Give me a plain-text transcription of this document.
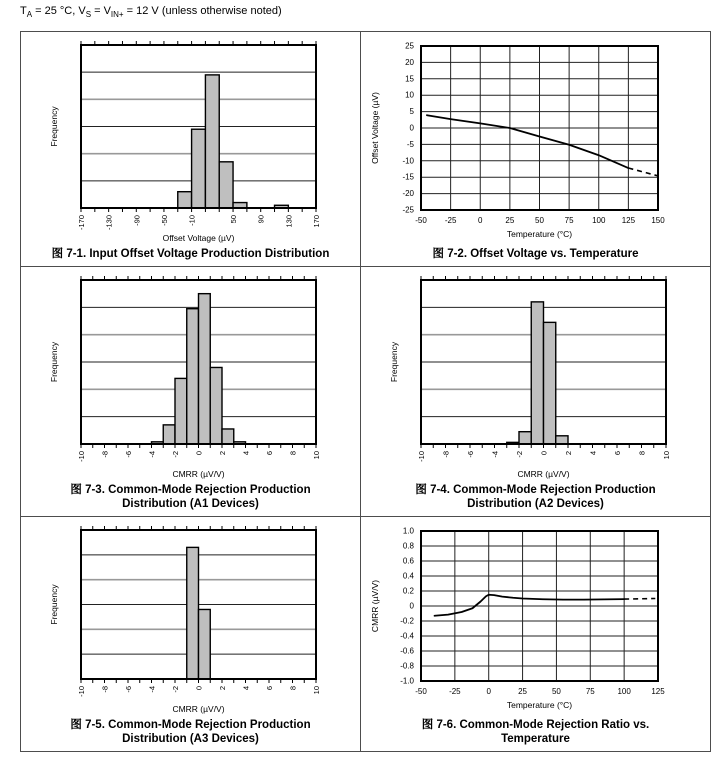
$T_A = 25$ °C, $V_S = V_{IN+} = 12$ V (unless otherwise noted)
-170 -130 -90 -50 -10	50 90 130 170
Offset Voltage (µV)
Frequency
图 7-1. Input Offset Voltage Production Distribution
-50 -25	0	25	50	75 100 125 150
25
20
15
10
5
0
-5
-10
-15
-20
-25
Temperature (°C)
Offset Voltage (µV)
图 7-2. Offset Voltage vs. Temperature
-10 -8 -6 -4 -2 0 2 4 6 8 10
CMRR (µV/V)
Frequency
图 7-3. Common-Mode Rejection Production
Distribution (A1 Devices)
-10 -8 -6 -4 -2 0 2 4 6 8 10
CMRR (µV/V)
Frequency
图 7-4. Common-Mode Rejection Production
Distribution (A2 Devices)
-10 -8 -6 -4 -2 0 2 4 6 8 10
CMRR (µV/V)
Frequency
图 7-5. Common-Mode Rejection Production
Distribution (A3 Devices)
-50	-25	0	25	50	75	100	125
1.0
0.8
0.6
0.4
0.2
0
-0.2
-0.4
-0.6
-0.8
-1.0
Temperature (°C)
CMRR (µV/V)
图 7-6. Common-Mode Rejection Ratio vs.
Temperature
